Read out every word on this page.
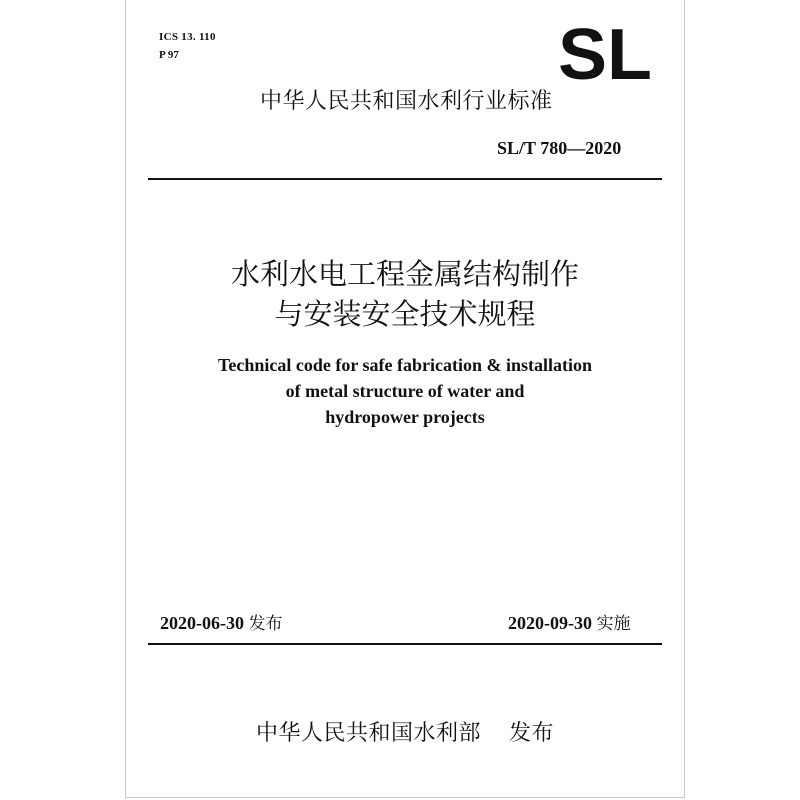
ICS 13. 110
P 97	SL
中华人民共和国水利行业标准
SL/T 780—2020
水利水电工程金属结构制作
与安装安全技术规程
Technical code for safe fabrication & installation
of metal structure of water and
hydropower projects
2020-06-30 发布	2020-09-30 实施
中华人民共和国水利部 发布
